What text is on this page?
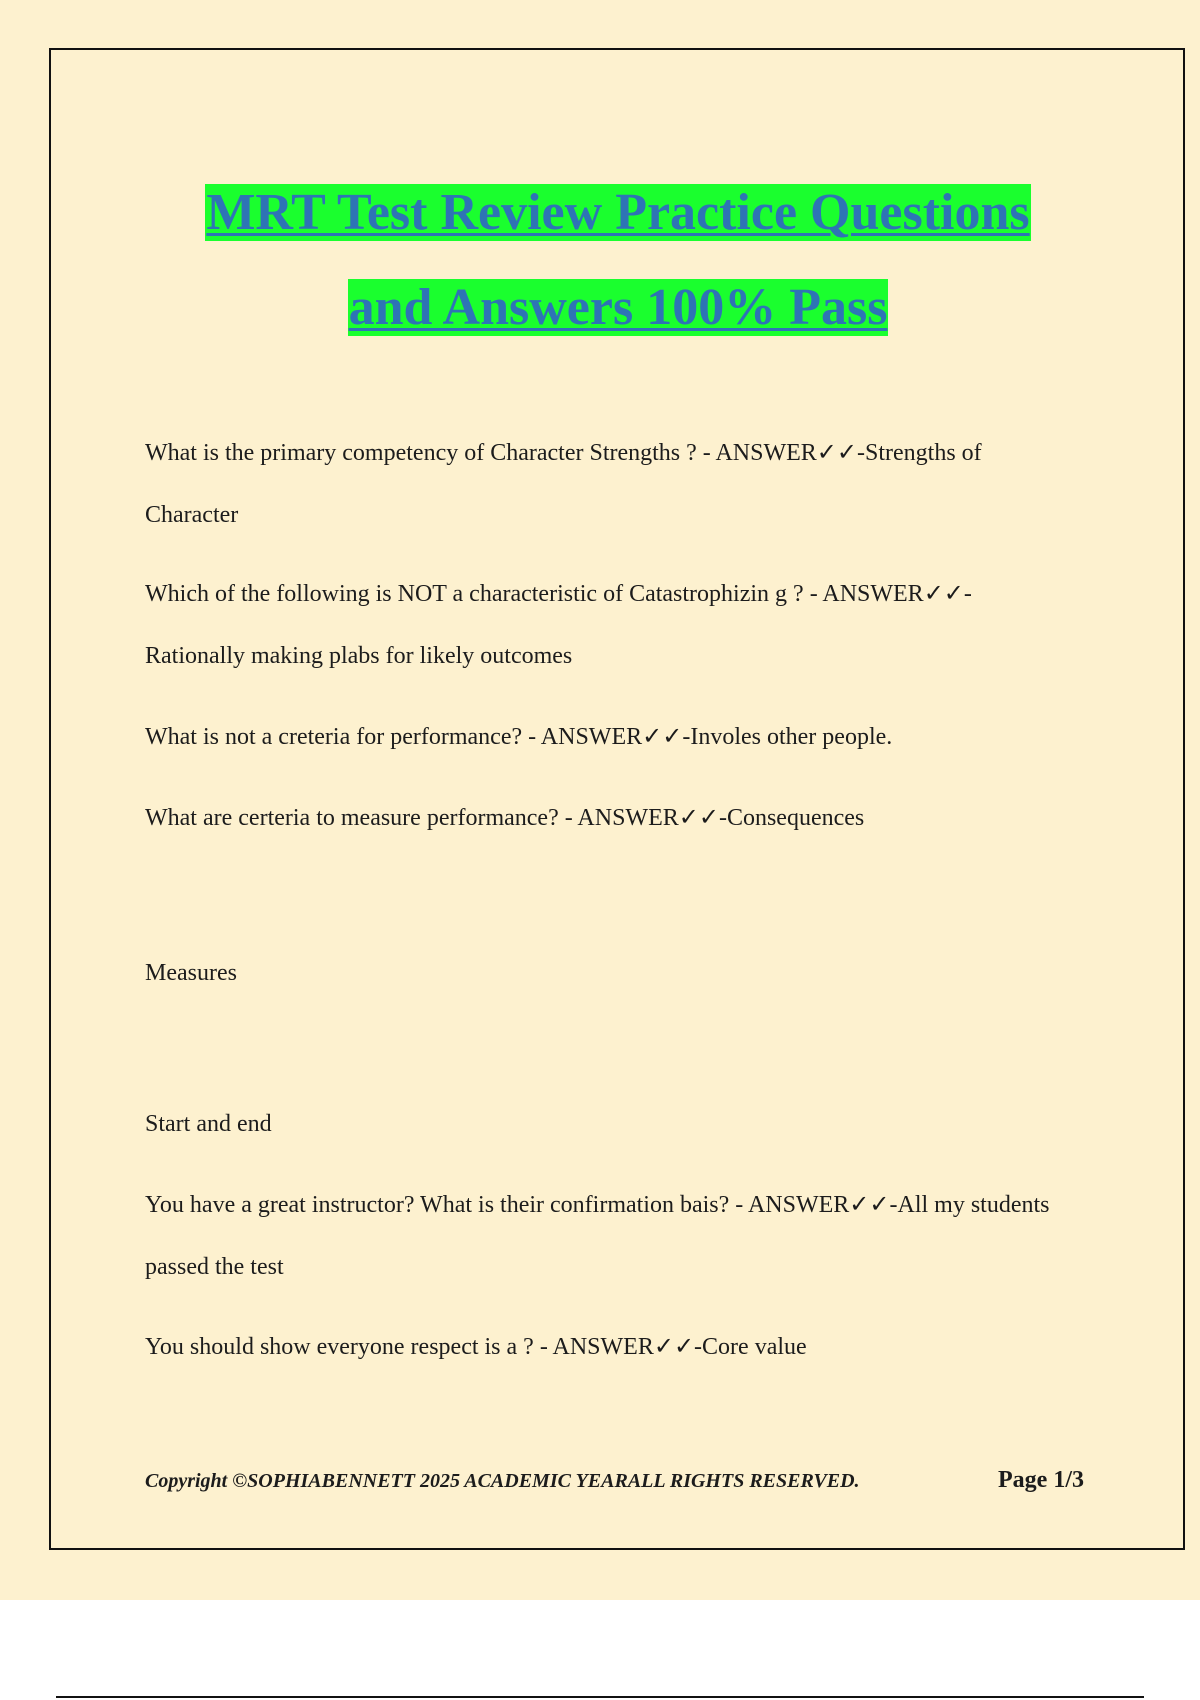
MRT Test Review Practice Questions
and Answers 100% Pass

What is the primary competency of Character Strengths ? - ANSWER✓✓-Strengths of Character

Which of the following is NOT a characteristic of Catastrophizin g ? - ANSWER✓✓- Rationally making plabs for likely outcomes

What is not a creteria for performance? - ANSWER✓✓-Involes other people.

What are certeria to measure performance? - ANSWER✓✓-Consequences

Measures

Start and end

You have a great instructor? What is their confirmation bais? - ANSWER✓✓-All my students passed the test

You should show everyone respect is a ? - ANSWER✓✓-Core value

Copyright ©SOPHIABENNETT 2025 ACADEMIC YEARALL RIGHTS RESERVED.	Page 1/3
